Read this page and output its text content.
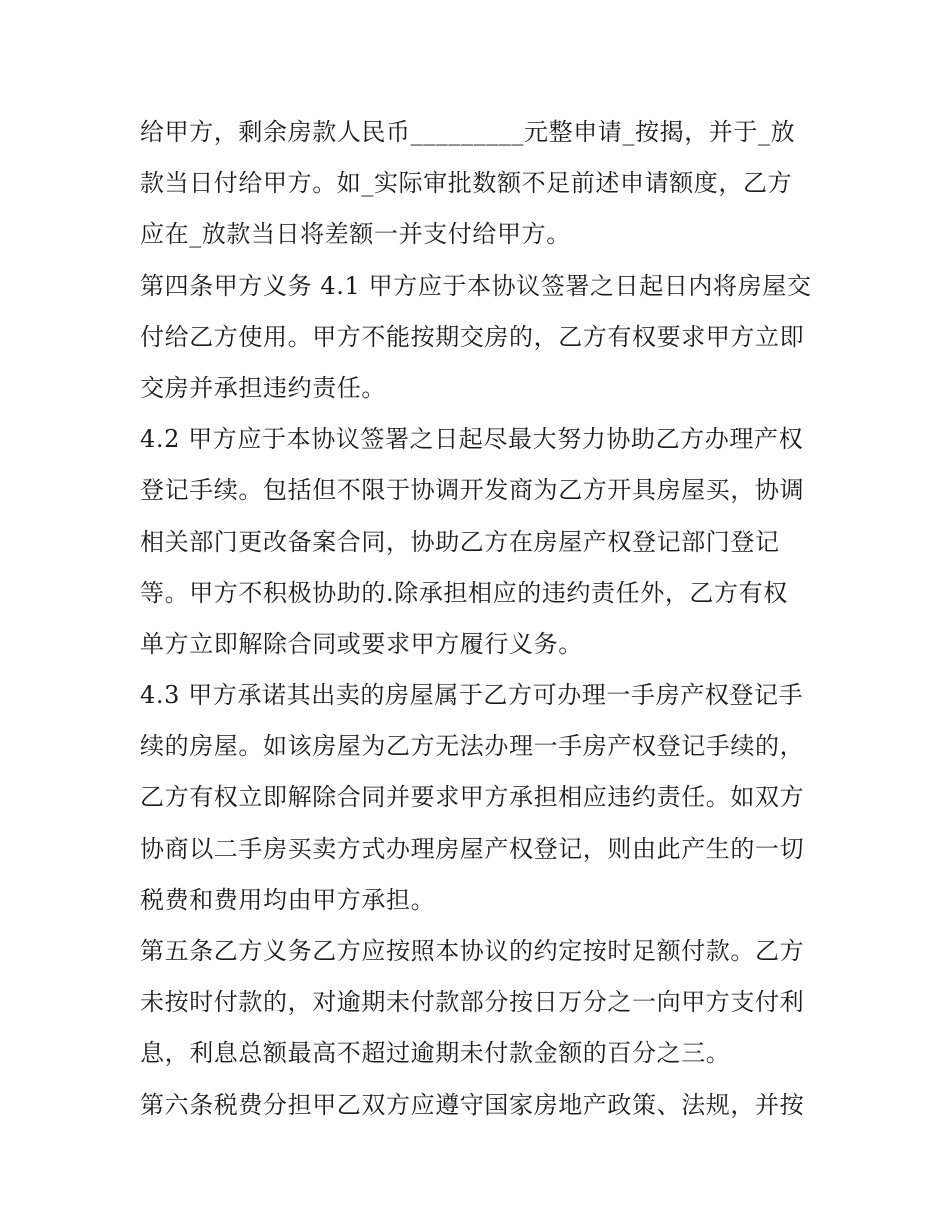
给甲方，剩余房款人民币_________元整申请_按揭，并于_放
款当日付给甲方。如_实际审批数额不足前述申请额度，乙方
应在_放款当日将差额一并支付给甲方。

第四条甲方义务 4.1 甲方应于本协议签署之日起日内将房屋交
付给乙方使用。甲方不能按期交房的，乙方有权要求甲方立即
交房并承担违约责任。

4.2 甲方应于本协议签署之日起尽最大努力协助乙方办理产权
登记手续。包括但不限于协调开发商为乙方开具房屋买，协调
相关部门更改备案合同，协助乙方在房屋产权登记部门登记
等。甲方不积极协助的.除承担相应的违约责任外，乙方有权
单方立即解除合同或要求甲方履行义务。

4.3 甲方承诺其出卖的房屋属于乙方可办理一手房产权登记手
续的房屋。如该房屋为乙方无法办理一手房产权登记手续的，
乙方有权立即解除合同并要求甲方承担相应违约责任。如双方
协商以二手房买卖方式办理房屋产权登记，则由此产生的一切
税费和费用均由甲方承担。

第五条乙方义务乙方应按照本协议的约定按时足额付款。乙方
未按时付款的，对逾期未付款部分按日万分之一向甲方支付利
息，利息总额最高不超过逾期未付款金额的百分之三。

第六条税费分担甲乙双方应遵守国家房地产政策、法规，并按
